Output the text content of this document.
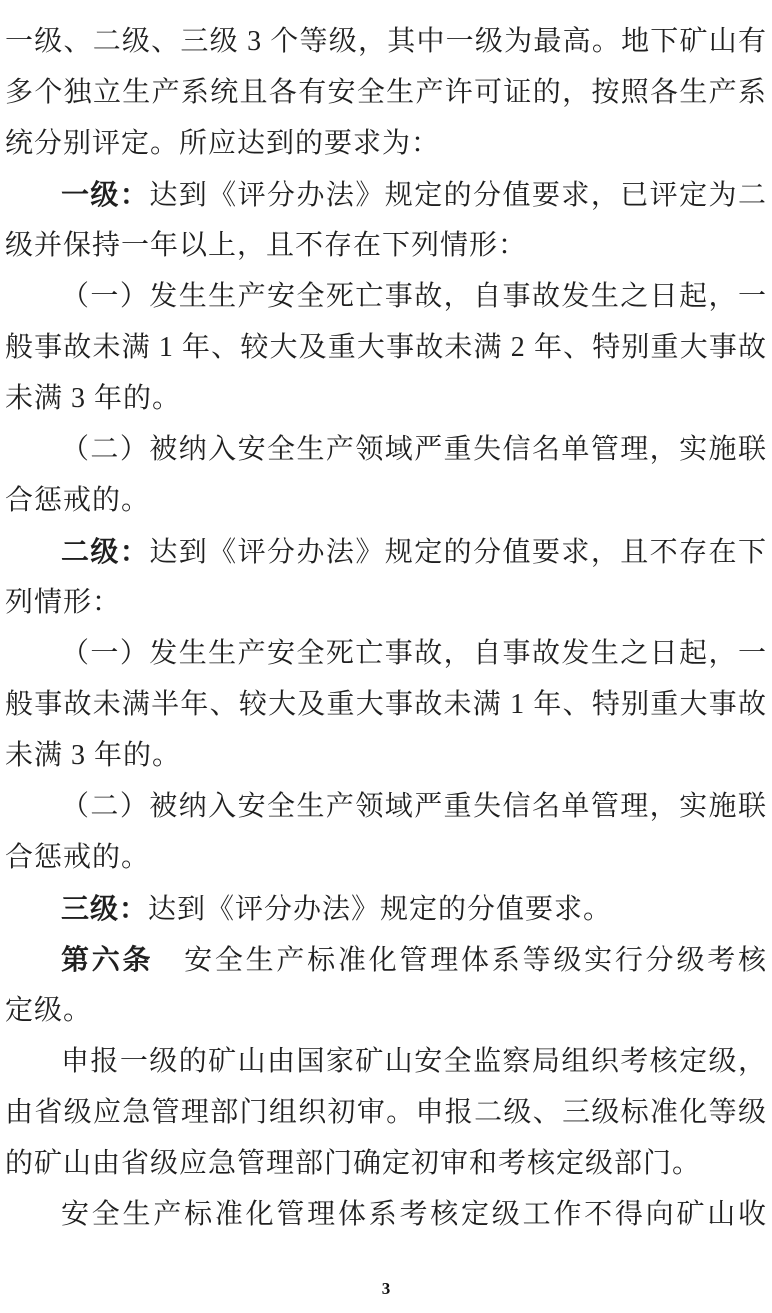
一级、二级、三级 3 个等级，其中一级为最高。地下矿山有
多个独立生产系统且各有安全生产许可证的，按照各生产系
统分别评定。所应达到的要求为：
一级：达到《评分办法》规定的分值要求，已评定为二
级并保持一年以上，且不存在下列情形：
（一）发生生产安全死亡事故，自事故发生之日起，一
般事故未满 1 年、较大及重大事故未满 2 年、特别重大事故
未满 3 年的。
（二）被纳入安全生产领域严重失信名单管理，实施联
合惩戒的。
二级：达到《评分办法》规定的分值要求，且不存在下
列情形：
（一）发生生产安全死亡事故，自事故发生之日起，一
般事故未满半年、较大及重大事故未满 1 年、特别重大事故
未满 3 年的。
（二）被纳入安全生产领域严重失信名单管理，实施联
合惩戒的。
三级：达到《评分办法》规定的分值要求。
第六条　安全生产标准化管理体系等级实行分级考核
定级。
申报一级的矿山由国家矿山安全监察局组织考核定级，
由省级应急管理部门组织初审。申报二级、三级标准化等级
的矿山由省级应急管理部门确定初审和考核定级部门。
安全生产标准化管理体系考核定级工作不得向矿山收
3
